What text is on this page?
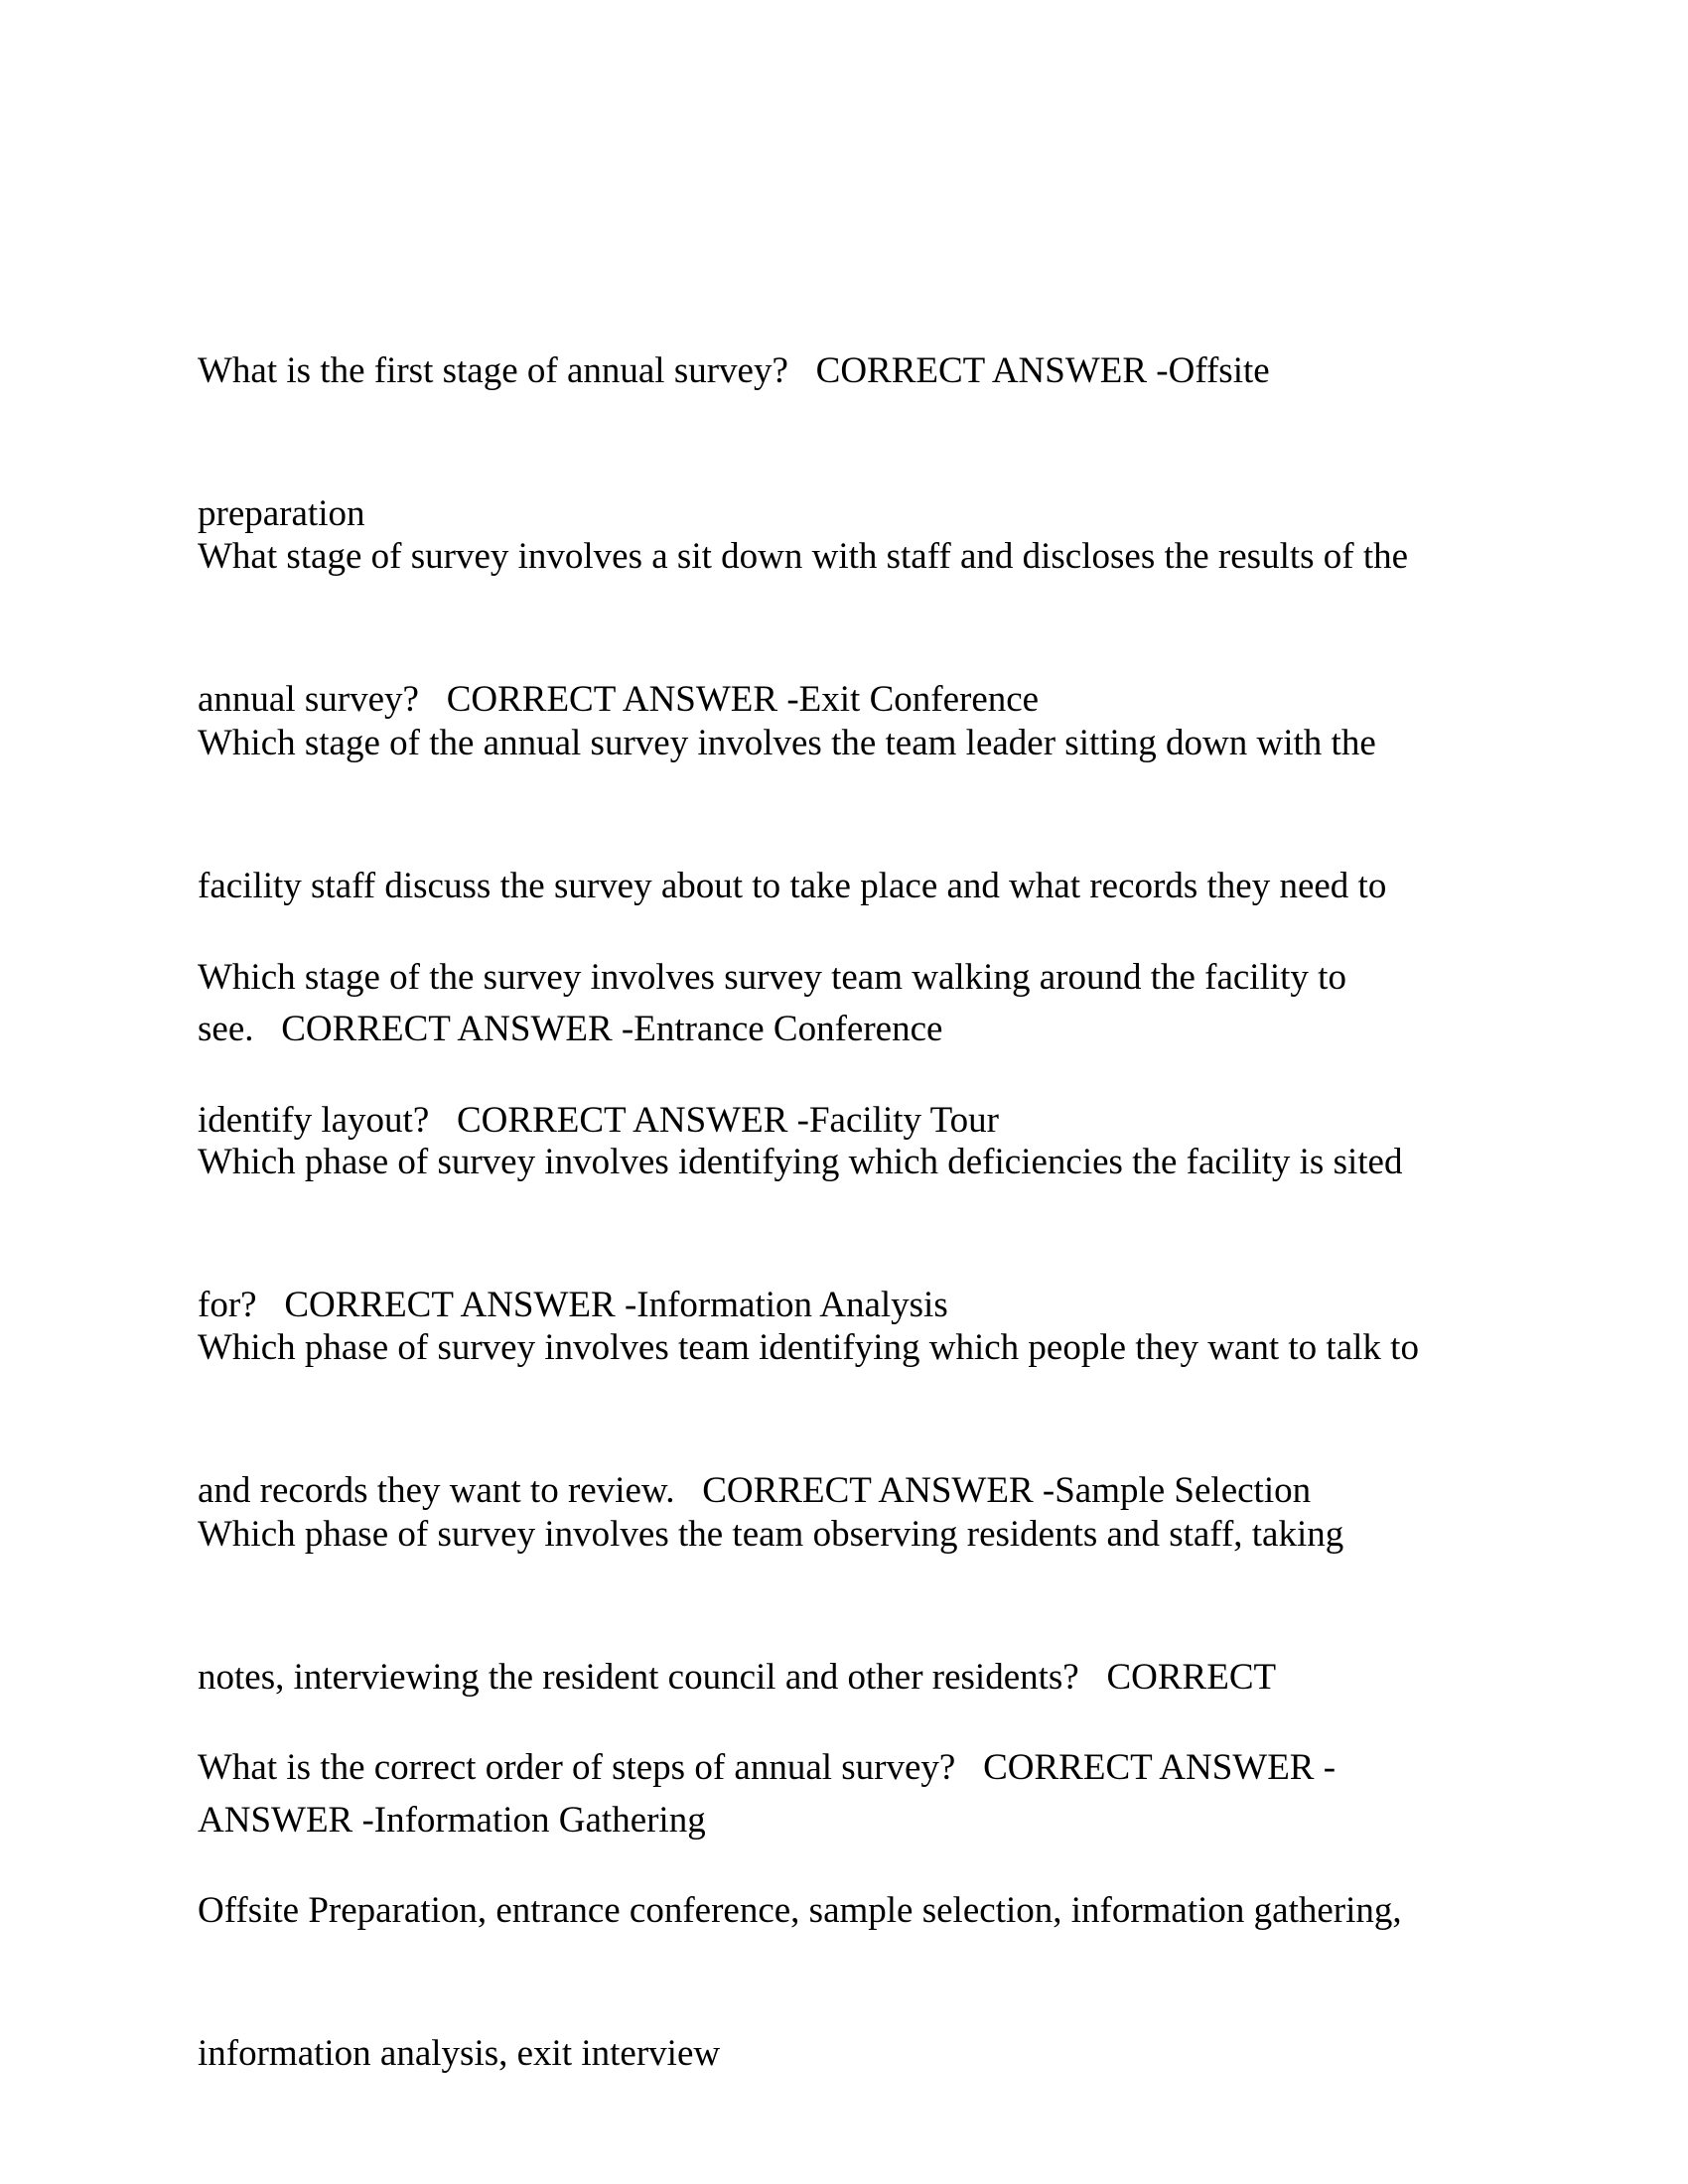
What is the first stage of annual survey?   CORRECT ANSWER -Offsite

preparation

What stage of survey involves a sit down with staff and discloses the results of the

annual survey?   CORRECT ANSWER -Exit Conference

Which stage of the annual survey involves the team leader sitting down with the

facility staff discuss the survey about to take place and what records they need to

see.   CORRECT ANSWER -Entrance Conference

Which stage of the survey involves survey team walking around the facility to

identify layout?   CORRECT ANSWER -Facility Tour

Which phase of survey involves identifying which deficiencies the facility is sited

for?   CORRECT ANSWER -Information Analysis

Which phase of survey involves team identifying which people they want to talk to

and records they want to review.   CORRECT ANSWER -Sample Selection

Which phase of survey involves the team observing residents and staff, taking

notes, interviewing the resident council and other residents?   CORRECT

ANSWER -Information Gathering

What is the correct order of steps of annual survey?   CORRECT ANSWER -

Offsite Preparation, entrance conference, sample selection, information gathering,

information analysis, exit interview
